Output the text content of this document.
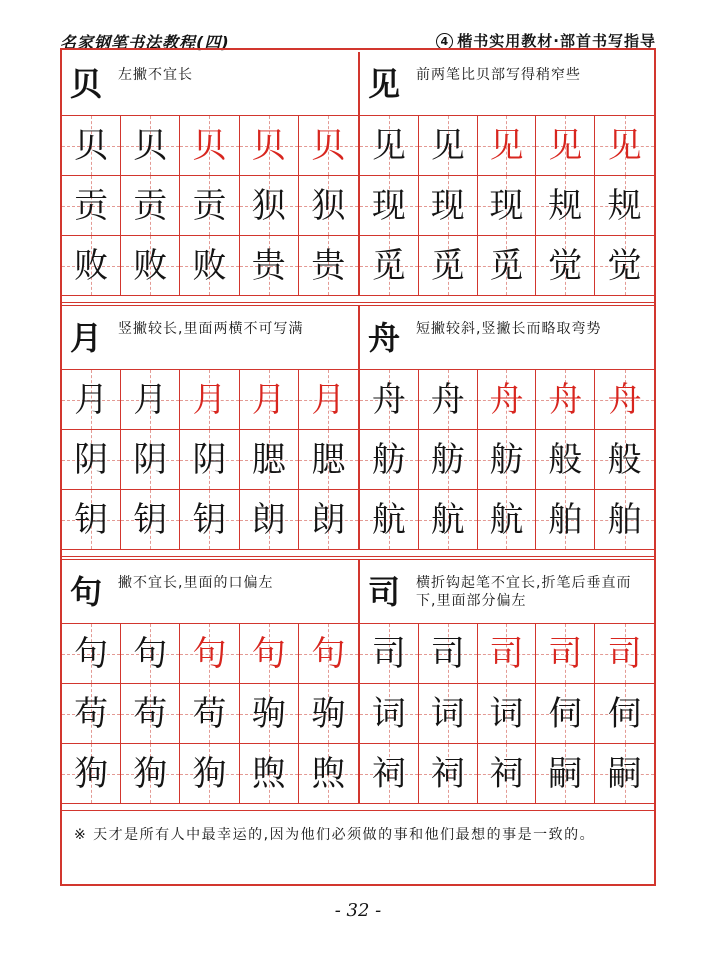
名家钢笔书法教程(四)	4 楷书实用教材·部首书写指导
※ 天才是所有人中最幸运的,因为他们必须做的事和他们最想的事是一致的。
贝 左撇不宜长
贝 贝 贝 贝 贝
贡 贡 贡 狈 狈
败 败 败 贵 贵
见 前两笔比贝部写得稍窄些
见 见 见 见 见
现 现 现 规 规
觅 觅 觅 觉 觉
月 竖撇较长,里面两横不可写满
月 月 月 月 月
阴 阴 阴 腮 腮
钥 钥 钥 朗 朗
舟 短撇较斜,竖撇长而略取弯势
舟 舟 舟 舟 舟
舫 舫 舫 般 般
航 航 航 舶 舶
句 撇不宜长,里面的口偏左
句 句 句 句 句
苟 苟 苟 驹 驹
狗 狗 狗 煦 煦
司 横折钩起笔不宜长,折笔后垂直而下,里面部分偏左
司 司 司 司 司
词 词 词 伺 伺
祠 祠 祠 嗣 嗣
- 32 -
